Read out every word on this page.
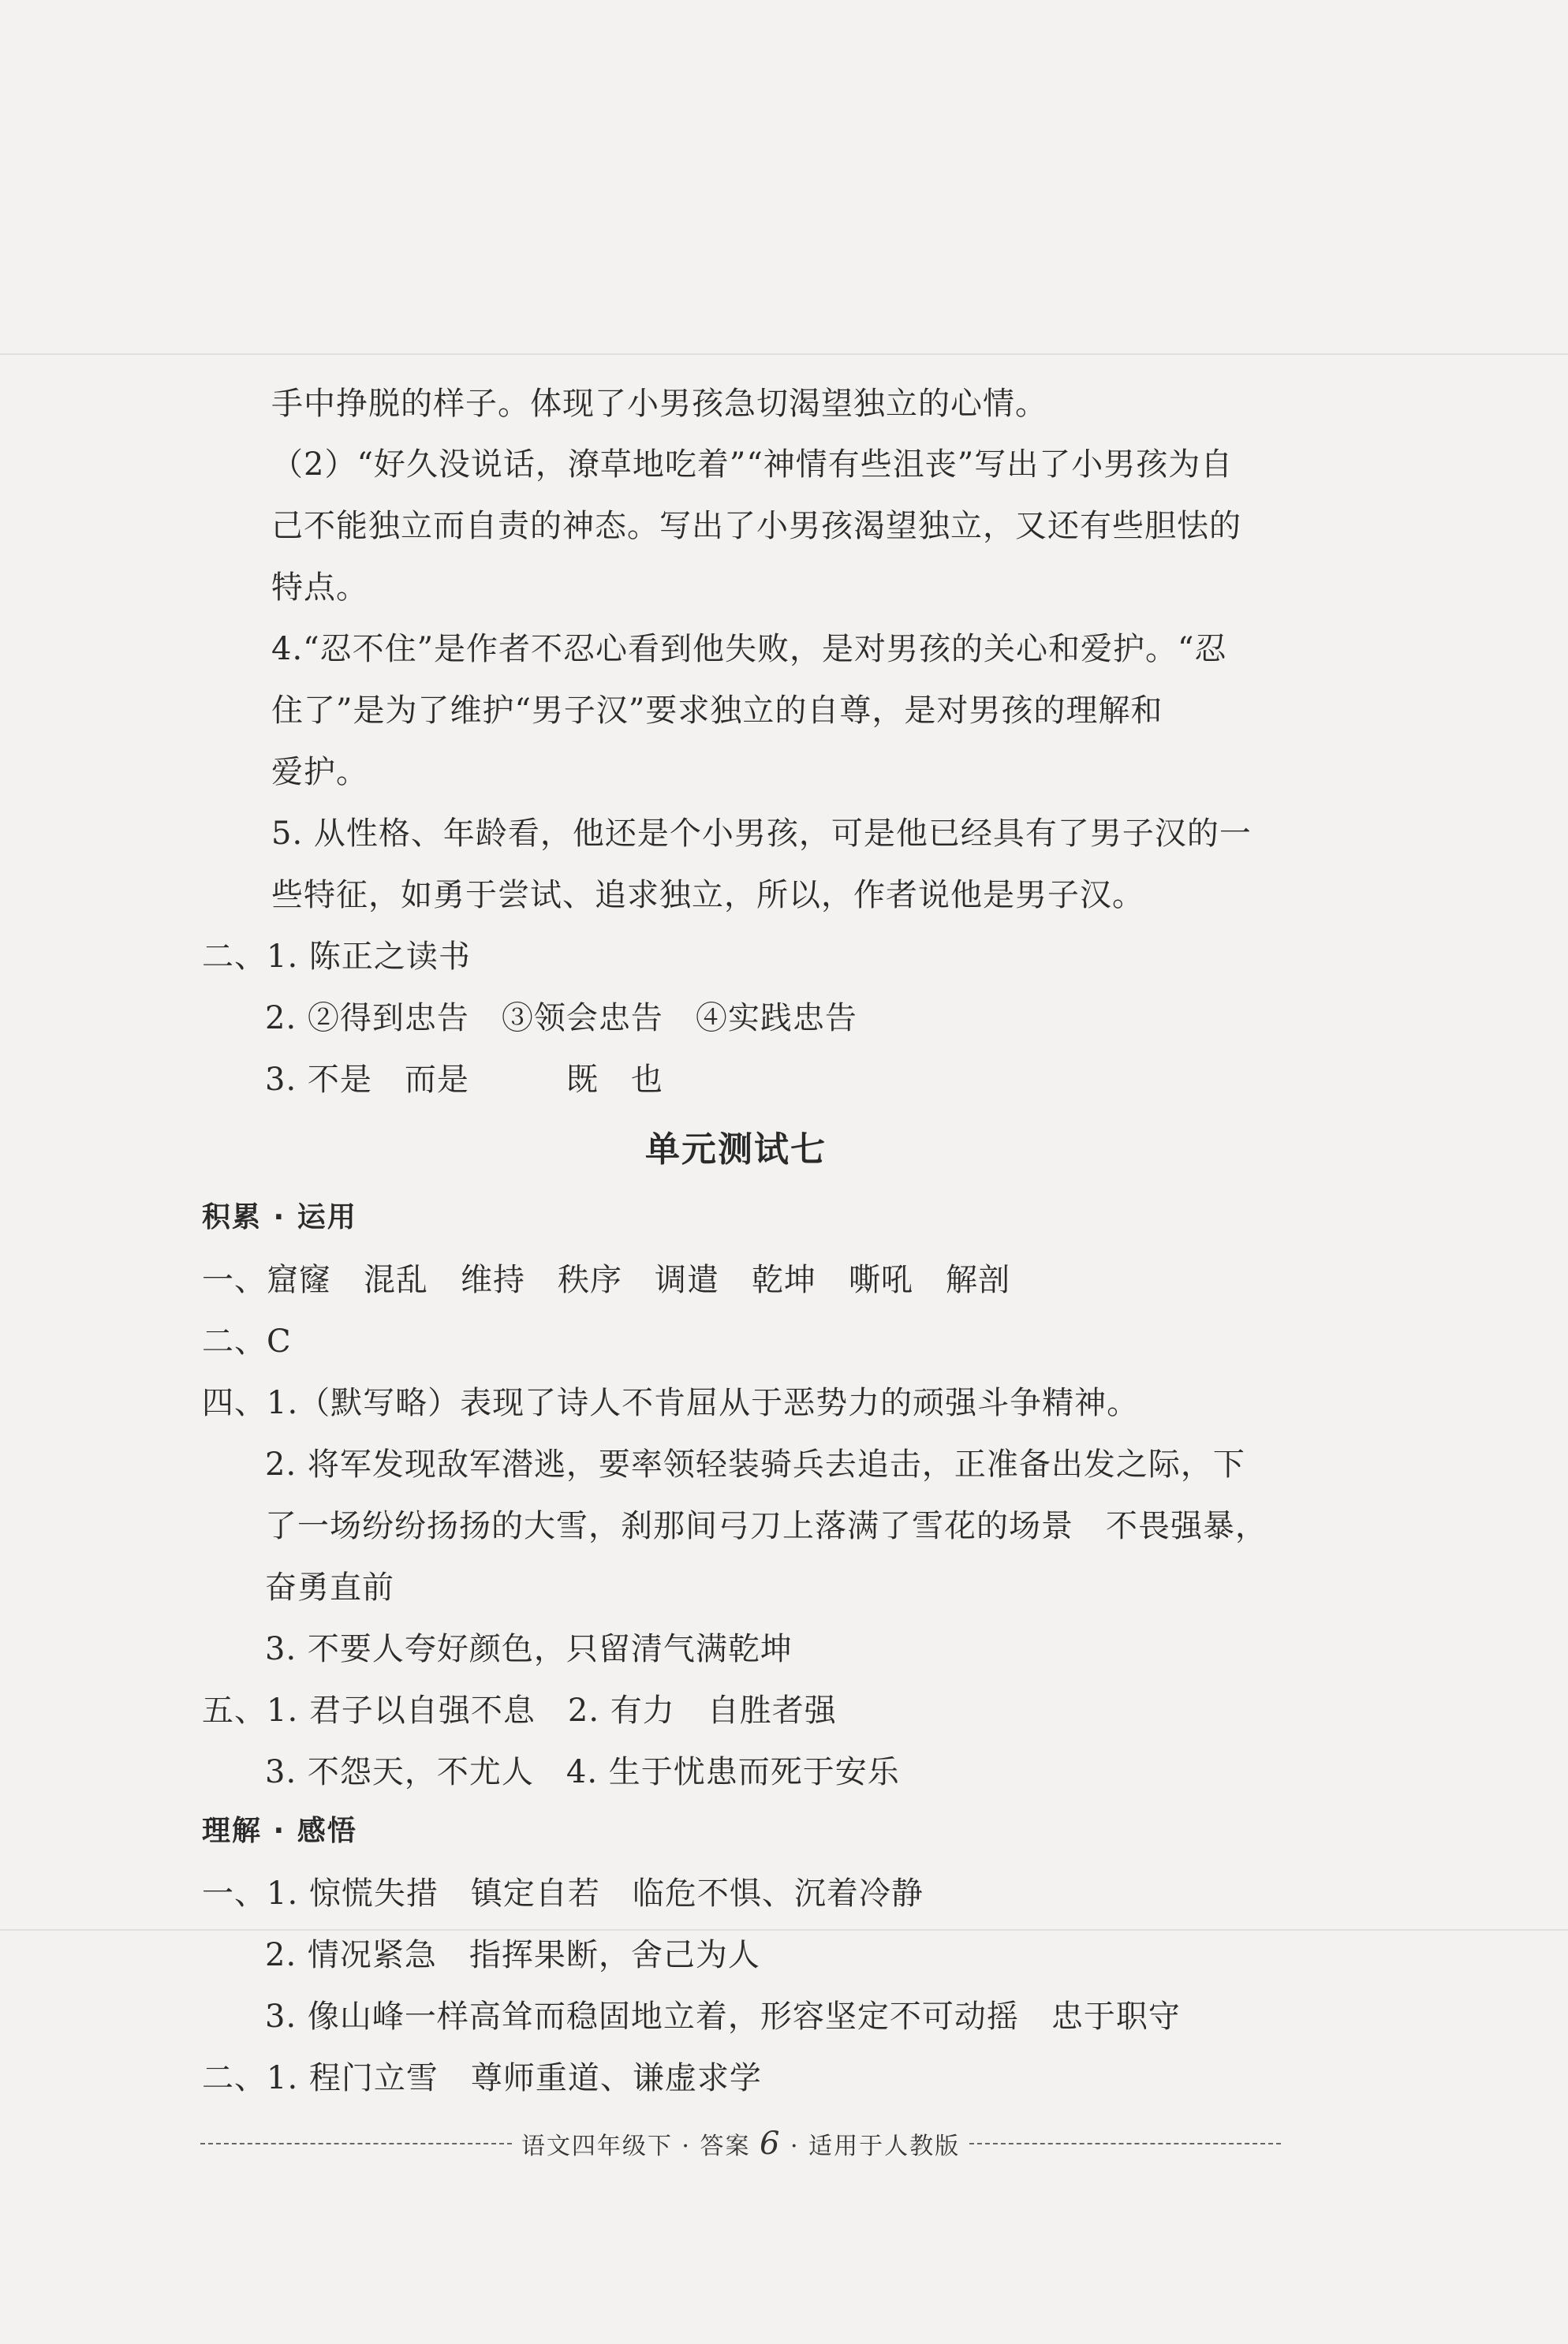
手中挣脱的样子。体现了小男孩急切渴望独立的心情。
（2）“好久没说话，潦草地吃着”“神情有些沮丧”写出了小男孩为自
己不能独立而自责的神态。写出了小男孩渴望独立，又还有些胆怯的
特点。
4.“忍不住”是作者不忍心看到他失败，是对男孩的关心和爱护。“忍
住了”是为了维护“男子汉”要求独立的自尊，是对男孩的理解和
爱护。
5. 从性格、年龄看，他还是个小男孩，可是他已经具有了男子汉的一
些特征，如勇于尝试、追求独立，所以，作者说他是男子汉。
二、1. 陈正之读书
2. ②得到忠告　③领会忠告　④实践忠告
3. 不是　而是　　　既　也
单元测试七
积累 · 运用
一、窟窿　混乱　维持　秩序　调遣　乾坤　嘶吼　解剖
二、C
四、1.（默写略）表现了诗人不肯屈从于恶势力的顽强斗争精神。
2. 将军发现敌军潜逃，要率领轻装骑兵去追击，正准备出发之际，下
了一场纷纷扬扬的大雪，刹那间弓刀上落满了雪花的场景　不畏强暴，
奋勇直前
3. 不要人夸好颜色，只留清气满乾坤
五、1. 君子以自强不息　2. 有力　自胜者强
3. 不怨天，不尤人　4. 生于忧患而死于安乐
理解 · 感悟
一、1. 惊慌失措　镇定自若　临危不惧、沉着冷静
2. 情况紧急　指挥果断，舍己为人
3. 像山峰一样高耸而稳固地立着，形容坚定不可动摇　忠于职守
二、1. 程门立雪　尊师重道、谦虚求学
语文四年级下 · 答案 6 · 适用于人教版
